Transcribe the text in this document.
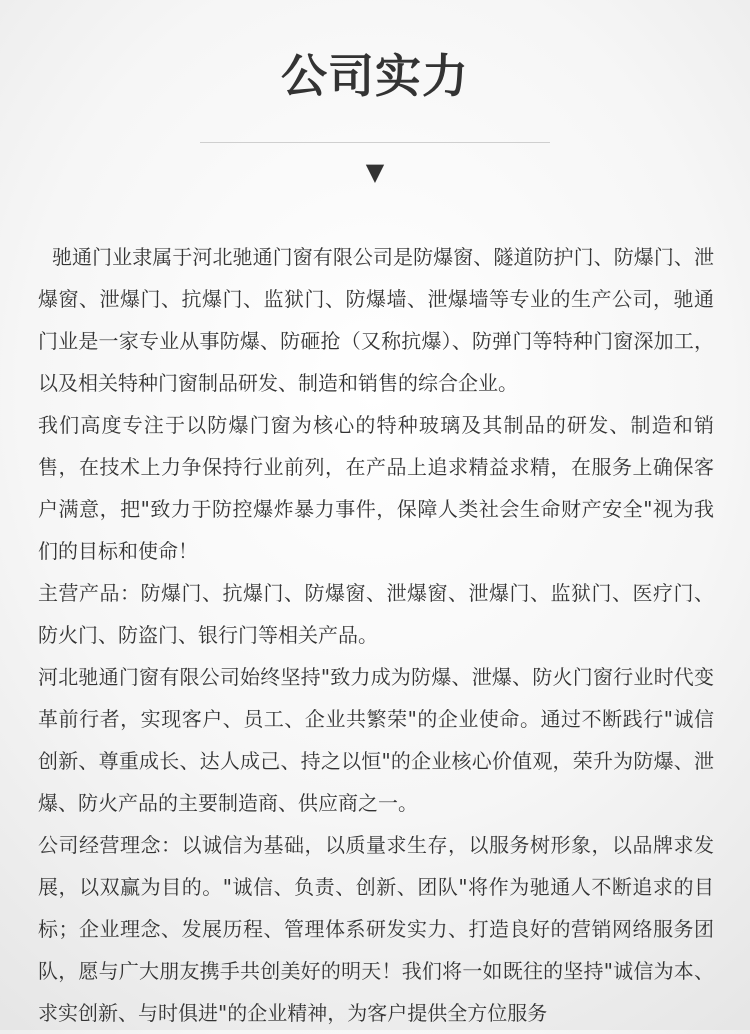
公司实力
▼

驰通门业隶属于河北驰通门窗有限公司是防爆窗、隧道防护门、防爆门、泄爆窗、泄爆门、抗爆门、监狱门、防爆墙、泄爆墙等专业的生产公司，驰通门业是一家专业从事防爆、防砸抢（又称抗爆）、防弹门等特种门窗深加工，以及相关特种门窗制品研发、制造和销售的综合企业。

我们高度专注于以防爆门窗为核心的特种玻璃及其制品的研发、制造和销售，在技术上力争保持行业前列，在产品上追求精益求精，在服务上确保客户满意，把"致力于防控爆炸暴力事件，保障人类社会生命财产安全"视为我们的目标和使命！

主营产品：防爆门、抗爆门、防爆窗、泄爆窗、泄爆门、监狱门、医疗门、防火门、防盗门、银行门等相关产品。

河北驰通门窗有限公司始终坚持"致力成为防爆、泄爆、防火门窗行业时代变革前行者，实现客户、员工、企业共繁荣"的企业使命。通过不断践行"诚信创新、尊重成长、达人成己、持之以恒"的企业核心价值观，荣升为防爆、泄爆、防火产品的主要制造商、供应商之一。

公司经营理念：以诚信为基础，以质量求生存，以服务树形象，以品牌求发展，以双赢为目的。"诚信、负责、创新、团队"将作为驰通人不断追求的目标；企业理念、发展历程、管理体系研发实力、打造良好的营销网络服务团队，愿与广大朋友携手共创美好的明天！我们将一如既往的坚持"诚信为本、求实创新、与时俱进"的企业精神，为客户提供全方位服务
